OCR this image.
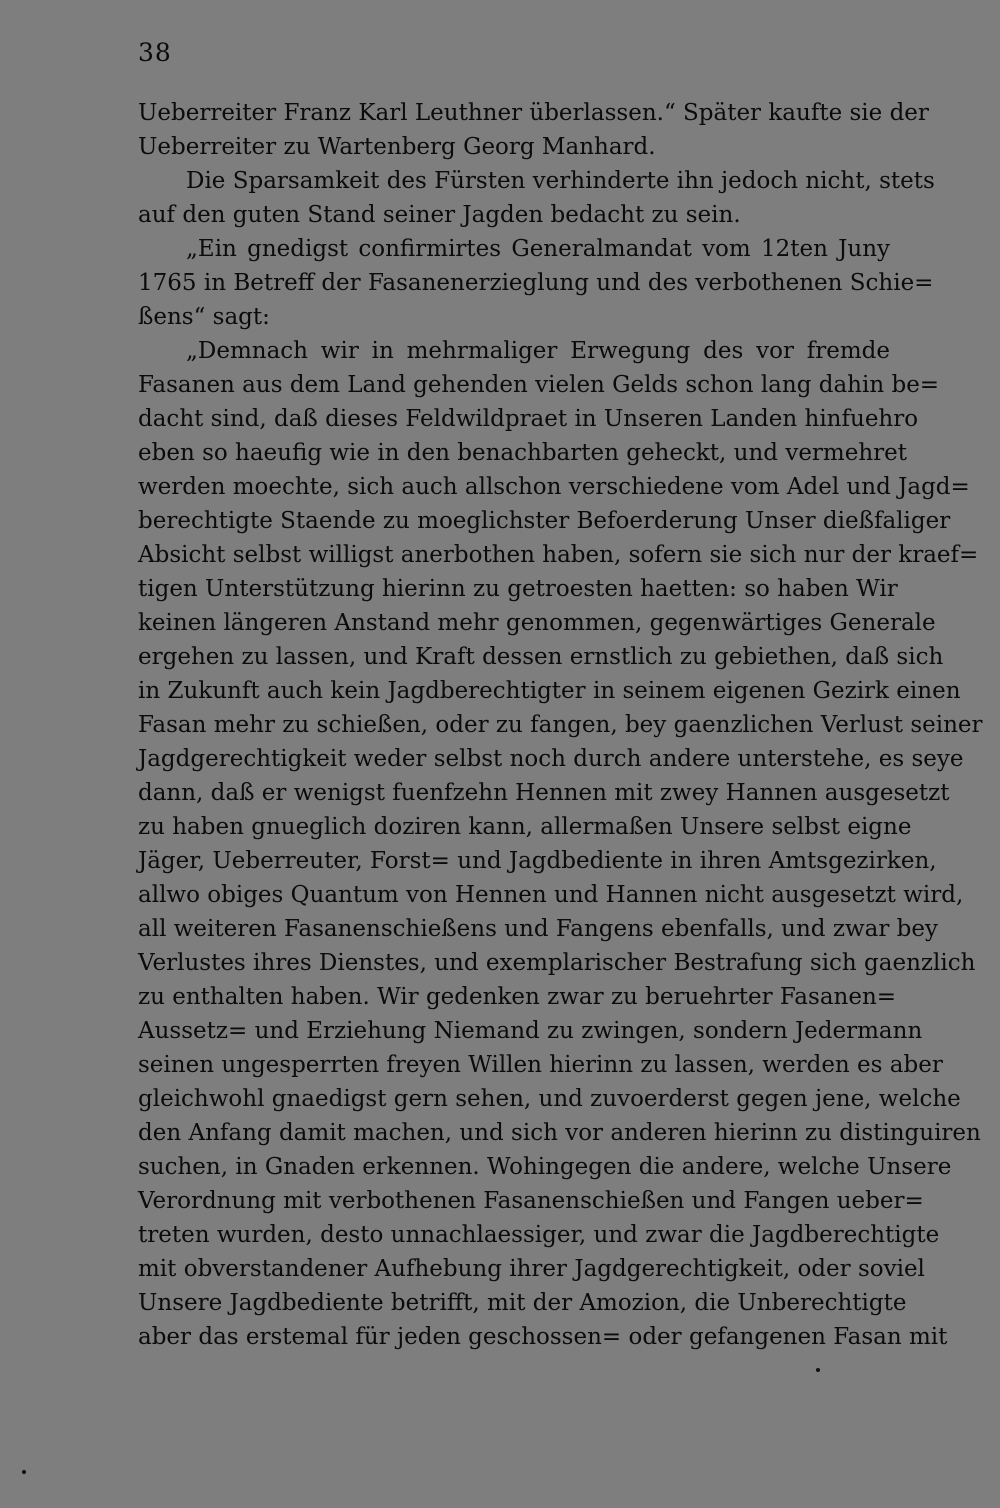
38
Ueberreiter Franz Karl Leuthner überlassen.“ Später kaufte sie der
Ueberreiter zu Wartenberg Georg Manhard.
Die Sparsamkeit des Fürsten verhinderte ihn jedoch nicht, stets
auf den guten Stand seiner Jagden bedacht zu sein.
„Ein gnedigst confirmirtes Generalmandat vom 12ten Juny
1765 in Betreff der Fasanenerzieglung und des verbothenen Schie=
ßens“ sagt:
„Demnach wir in mehrmaliger Erwegung des vor fremde
Fasanen aus dem Land gehenden vielen Gelds schon lang dahin be=
dacht sind, daß dieses Feldwildpraet in Unseren Landen hinfuehro
eben so haeufig wie in den benachbarten geheckt, und vermehret
werden moechte, sich auch allschon verschiedene vom Adel und Jagd=
berechtigte Staende zu moeglichster Befoerderung Unser dießfaliger
Absicht selbst willigst anerbothen haben, sofern sie sich nur der kraef=
tigen Unterstützung hierinn zu getroesten haetten: so haben Wir
keinen längeren Anstand mehr genommen, gegenwärtiges Generale
ergehen zu lassen, und Kraft dessen ernstlich zu gebiethen, daß sich
in Zukunft auch kein Jagdberechtigter in seinem eigenen Gezirk einen
Fasan mehr zu schießen, oder zu fangen, bey gaenzlichen Verlust seiner
Jagdgerechtigkeit weder selbst noch durch andere unterstehe, es seye
dann, daß er wenigst fuenfzehn Hennen mit zwey Hannen ausgesetzt
zu haben gnueglich doziren kann, allermaßen Unsere selbst eigne
Jäger, Ueberreuter, Forst= und Jagdbediente in ihren Amtsgezirken,
allwo obiges Quantum von Hennen und Hannen nicht ausgesetzt wird,
all weiteren Fasanenschießens und Fangens ebenfalls, und zwar bey
Verlustes ihres Dienstes, und exemplarischer Bestrafung sich gaenzlich
zu enthalten haben. Wir gedenken zwar zu beruehrter Fasanen=
Aussetz= und Erziehung Niemand zu zwingen, sondern Jedermann
seinen ungesperrten freyen Willen hierinn zu lassen, werden es aber
gleichwohl gnaedigst gern sehen, und zuvoerderst gegen jene, welche
den Anfang damit machen, und sich vor anderen hierinn zu distinguiren
suchen, in Gnaden erkennen. Wohingegen die andere, welche Unsere
Verordnung mit verbothenen Fasanenschießen und Fangen ueber=
treten wurden, desto unnachlaessiger, und zwar die Jagdberechtigte
mit obverstandener Aufhebung ihrer Jagdgerechtigkeit, oder soviel
Unsere Jagdbediente betrifft, mit der Amozion, die Unberechtigte
aber das erstemal für jeden geschossen= oder gefangenen Fasan mit
